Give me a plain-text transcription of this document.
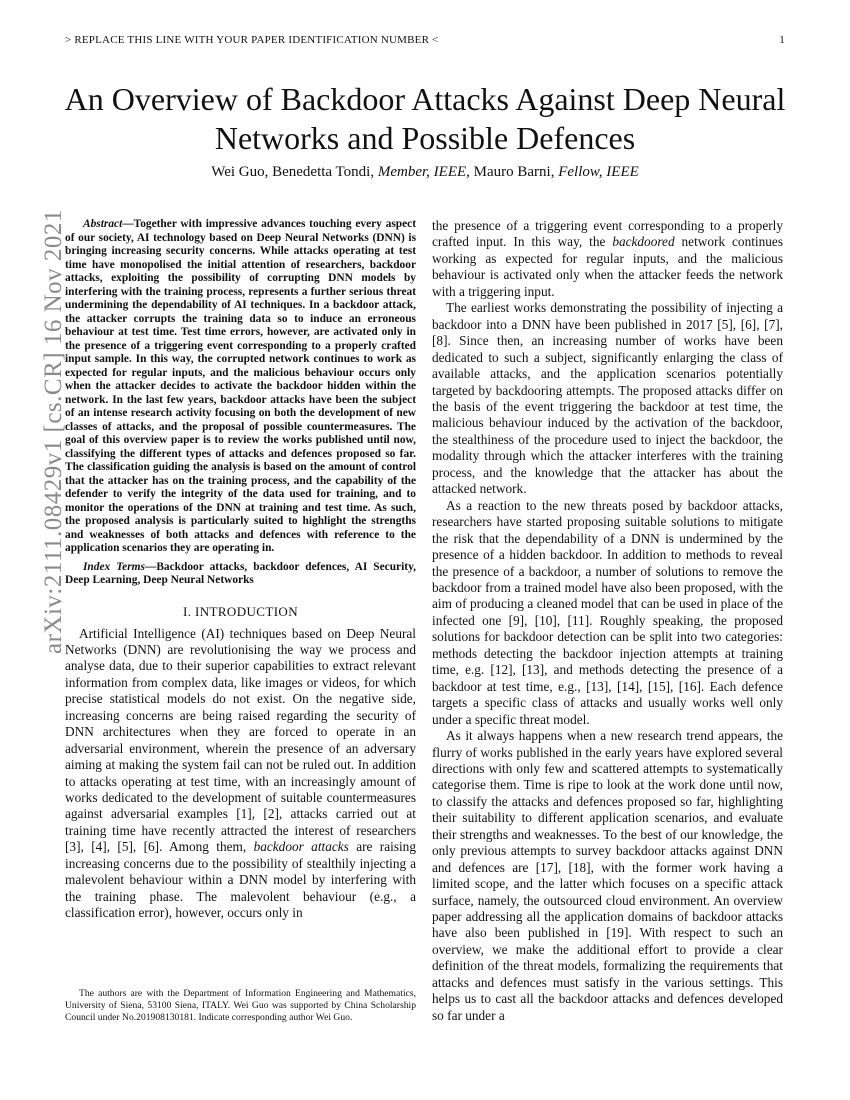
> REPLACE THIS LINE WITH YOUR PAPER IDENTIFICATION NUMBER <	1
arXiv:2111.08429v1 [cs.CR] 16 Nov 2021
An Overview of Backdoor Attacks Against Deep Neural Networks and Possible Defences
Wei Guo, Benedetta Tondi, Member, IEEE, Mauro Barni, Fellow, IEEE

Abstract—Together with impressive advances touching every aspect of our society, AI technology based on Deep Neural Networks (DNN) is bringing increasing security concerns. While attacks operating at test time have monopolised the initial attention of researchers, backdoor attacks, exploiting the possibility of corrupting DNN models by interfering with the training process, represents a further serious threat undermining the dependability of AI techniques. In a backdoor attack, the attacker corrupts the training data so to induce an erroneous behaviour at test time. Test time errors, however, are activated only in the presence of a triggering event corresponding to a properly crafted input sample. In this way, the corrupted network continues to work as expected for regular inputs, and the malicious behaviour occurs only when the attacker decides to activate the backdoor hidden within the network. In the last few years, backdoor attacks have been the subject of an intense research activity focusing on both the development of new classes of attacks, and the proposal of possible countermeasures. The goal of this overview paper is to review the works published until now, classifying the different types of attacks and defences proposed so far. The classification guiding the analysis is based on the amount of control that the attacker has on the training process, and the capability of the defender to verify the integrity of the data used for training, and to monitor the operations of the DNN at training and test time. As such, the proposed analysis is particularly suited to highlight the strengths and weaknesses of both attacks and defences with reference to the application scenarios they are operating in.

Index Terms—Backdoor attacks, backdoor defences, AI Security, Deep Learning, Deep Neural Networks

I. INTRODUCTION

Artificial Intelligence (AI) techniques based on Deep Neural Networks (DNN) are revolutionising the way we process and analyse data, due to their superior capabilities to extract relevant information from complex data, like images or videos, for which precise statistical models do not exist. On the negative side, increasing concerns are being raised regarding the security of DNN architectures when they are forced to operate in an adversarial environment, wherein the presence of an adversary aiming at making the system fail can not be ruled out. In addition to attacks operating at test time, with an increasingly amount of works dedicated to the development of suitable countermeasures against adversarial examples [1], [2], attacks carried out at training time have recently attracted the interest of researchers [3], [4], [5], [6]. Among them, backdoor attacks are raising increasing concerns due to the possibility of stealthily injecting a malevolent behaviour within a DNN model by interfering with the training phase. The malevolent behaviour (e.g., a classification error), however, occurs only in

The authors are with the Department of Information Engineering and Mathematics, University of Siena, 53100 Siena, ITALY. Wei Guo was supported by China Scholarship Council under No.201908130181. Indicate corresponding author Wei Guo.

the presence of a triggering event corresponding to a properly crafted input. In this way, the backdoored network continues working as expected for regular inputs, and the malicious behaviour is activated only when the attacker feeds the network with a triggering input.

The earliest works demonstrating the possibility of injecting a backdoor into a DNN have been published in 2017 [5], [6], [7], [8]. Since then, an increasing number of works have been dedicated to such a subject, significantly enlarging the class of available attacks, and the application scenarios potentially targeted by backdooring attempts. The proposed attacks differ on the basis of the event triggering the backdoor at test time, the malicious behaviour induced by the activation of the backdoor, the stealthiness of the procedure used to inject the backdoor, the modality through which the attacker interferes with the training process, and the knowledge that the attacker has about the attacked network.

As a reaction to the new threats posed by backdoor attacks, researchers have started proposing suitable solutions to mitigate the risk that the dependability of a DNN is undermined by the presence of a hidden backdoor. In addition to methods to reveal the presence of a backdoor, a number of solutions to remove the backdoor from a trained model have also been proposed, with the aim of producing a cleaned model that can be used in place of the infected one [9], [10], [11]. Roughly speaking, the proposed solutions for backdoor detection can be split into two categories: methods detecting the backdoor injection attempts at training time, e.g. [12], [13], and methods detecting the presence of a backdoor at test time, e.g., [13], [14], [15], [16]. Each defence targets a specific class of attacks and usually works well only under a specific threat model.

As it always happens when a new research trend appears, the flurry of works published in the early years have explored several directions with only few and scattered attempts to systematically categorise them. Time is ripe to look at the work done until now, to classify the attacks and defences proposed so far, highlighting their suitability to different application scenarios, and evaluate their strengths and weaknesses. To the best of our knowledge, the only previous attempts to survey backdoor attacks against DNN and defences are [17], [18], with the former work having a limited scope, and the latter which focuses on a specific attack surface, namely, the outsourced cloud environment. An overview paper addressing all the application domains of backdoor attacks have also been published in [19]. With respect to such an overview, we make the additional effort to provide a clear definition of the threat models, formalizing the requirements that attacks and defences must satisfy in the various settings. This helps us to cast all the backdoor attacks and defences developed so far under a
